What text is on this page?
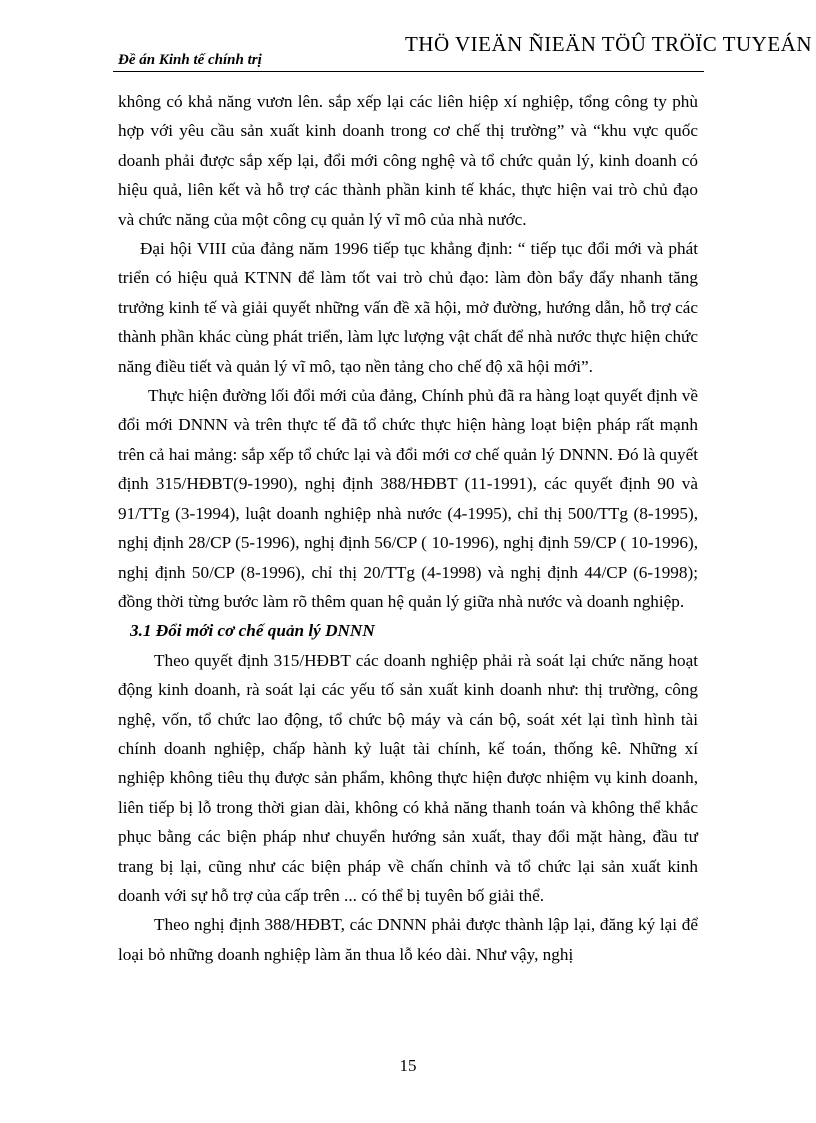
Đề án Kinh tế chính trị
THÖ VIEÄN ÑIEÄN TÖÛ TRÖÏC TUYEÁN

không có khả năng vươn lên. sắp xếp lại các liên hiệp xí nghiệp, tổng công ty phù hợp với yêu cầu sản xuất kinh doanh trong cơ chế thị trường” và “khu vực quốc doanh phải được sắp xếp lại, đổi mới công nghệ và tổ chức quản lý, kinh doanh có hiệu quả, liên kết và hỗ trợ các thành phần kinh tế khác, thực hiện vai trò chủ đạo và chức năng của một công cụ quản lý vĩ mô của nhà nước.

Đại hội VIII của đảng năm 1996 tiếp tục khẳng định: “ tiếp tục đổi mới và phát triển có hiệu quả KTNN để làm tốt vai trò chủ đạo: làm đòn bẩy đẩy nhanh tăng trưởng kinh tế và giải quyết những vấn đề xã hội, mở đường, hướng dẫn, hỗ trợ các thành phần khác cùng phát triển, làm lực lượng vật chất để nhà nước thực hiện chức năng điều tiết và quản lý vĩ mô, tạo nền tảng cho chế độ xã hội mới”.

Thực hiện đường lối đổi mới của đảng, Chính phủ đã ra hàng loạt quyết định về đổi mới DNNN và trên thực tế đã tổ chức thực hiện hàng loạt biện pháp rất mạnh trên cả hai mảng: sắp xếp tổ chức lại và đổi mới cơ chế quản lý DNNN. Đó là quyết định 315/HĐBT(9-1990), nghị định 388/HĐBT (11-1991), các quyết định 90 và 91/TTg (3-1994), luật doanh nghiệp nhà nước (4-1995), chỉ thị 500/TTg (8-1995), nghị định 28/CP (5-1996), nghị định 56/CP ( 10-1996), nghị định 59/CP ( 10-1996), nghị định 50/CP (8-1996), chỉ thị 20/TTg (4-1998) và nghị định 44/CP (6-1998); đồng thời từng bước làm rõ thêm quan hệ quản lý giữa nhà nước và doanh nghiệp.

3.1 Đổi mới cơ chế quản lý DNNN

Theo quyết định 315/HĐBT các doanh nghiệp phải rà soát lại chức năng hoạt động kinh doanh, rà soát lại các yếu tố sản xuất kinh doanh như: thị trường, công nghệ, vốn, tổ chức lao động, tổ chức bộ máy và cán bộ, soát xét lại tình hình tài chính doanh nghiệp, chấp hành kỷ luật tài chính, kế toán, thống kê. Những xí nghiệp không tiêu thụ được sản phẩm, không thực hiện được nhiệm vụ kinh doanh, liên tiếp bị lỗ trong thời gian dài, không có khả năng thanh toán và không thể khắc phục bằng các biện pháp như chuyển hướng sản xuất, thay đổi mặt hàng, đầu tư trang bị lại, cũng như các biện pháp về chấn chỉnh và tổ chức lại sản xuất kinh doanh với sự hỗ trợ của cấp trên ... có thể bị tuyên bố giải thể.

Theo nghị định 388/HĐBT, các DNNN phải được thành lập lại, đăng ký lại để loại bỏ những doanh nghiệp làm ăn thua lỗ kéo dài. Như vậy, nghị

15
